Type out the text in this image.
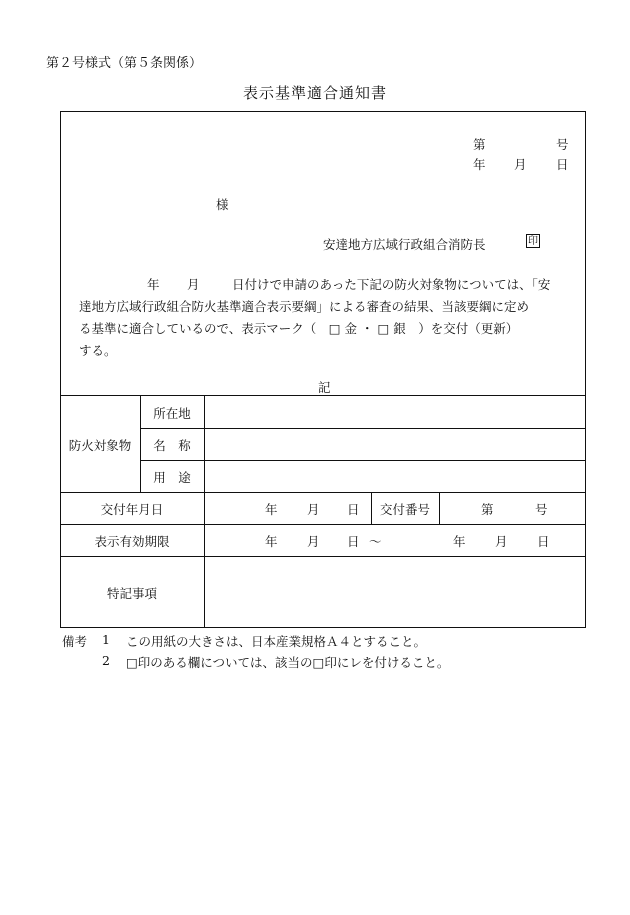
第２号様式（第５条関係）
表示基準適合通知書
第	号
年 月 日
様
安達地方広域行政組合消防長	印
年 月	日付けで申請のあった下記の防火対象物については、「安
達地方広域行政組合防火基準適合表示要綱」による審査の結果、当該要綱に定め
る基準に適合しているので、表示マーク（　□ 金 ・ □ 銀　）を交付（更新）
する。
記
防火対象物
所在地
名　称
用　途
交付年月日	年 月 日	交付番号	第	号
表示有効期限	年 月 日 ～	年 月 日
特記事項
備考 1 この用紙の大きさは、日本産業規格Ａ４とすること。
2 □印のある欄については、該当の□印にレを付けること。
